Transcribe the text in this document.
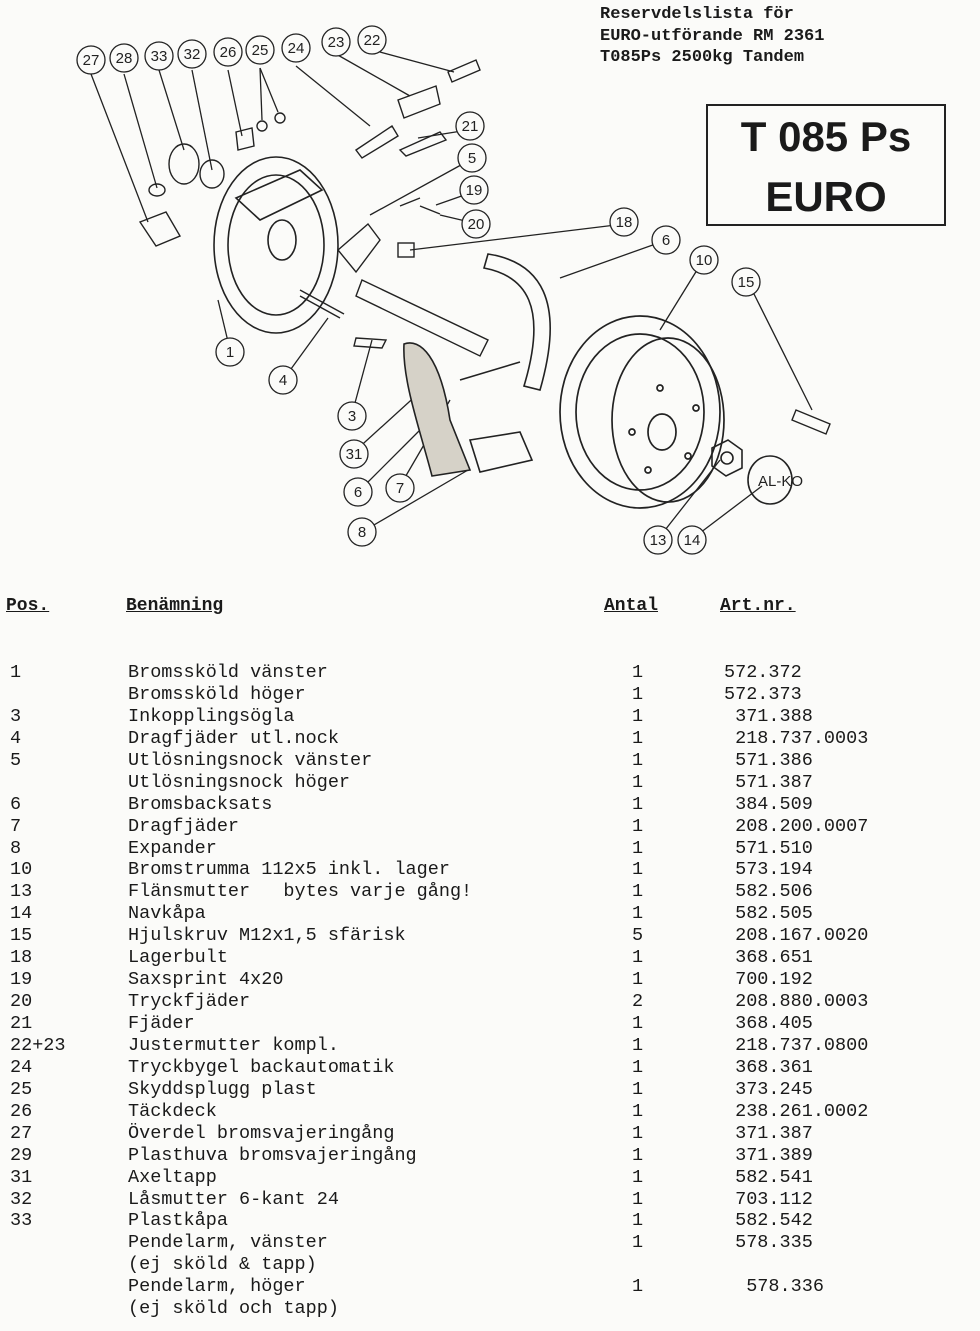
Reservdelslista för
EURO-utförande RM 2361
T085Ps 2500kg Tandem
T 085 Ps
EURO
AL-KO
27 28 33 32 26 25 24 23 22
21
5
19
20	18
6
10
15
1
4
3
31
6 7
8	13 14
Pos.	Benämning	Antal	Art.nr.
1	Bromssköld vänster	1	572.372
Bromssköld höger	1	572.373
3	Inkopplingsögla	1	371.388
4	Dragfjäder utl.nock	1	218.737.0003
5	Utlösningsnock vänster	1	571.386
Utlösningsnock höger	1	571.387
6	Bromsbacksats	1	384.509
7	Dragfjäder	1	208.200.0007
8	Expander	1	571.510
10	Bromstrumma 112x5 inkl. lager	1	573.194
13	Flänsmutter   bytes varje gång!	1	582.506
14	Navkåpa	1	582.505
15	Hjulskruv M12x1,5 sfärisk	5	208.167.0020
18	Lagerbult	1	368.651
19	Saxsprint 4x20	1	700.192
20	Tryckfjäder	2	208.880.0003
21	Fjäder	1	368.405
22+23	Justermutter kompl.	1	218.737.0800
24	Tryckbygel backautomatik	1	368.361
25	Skyddsplugg plast	1	373.245
26	Täckdeck	1	238.261.0002
27	Överdel bromsvajeringång	1	371.387
29	Plasthuva bromsvajeringång	1	371.389
31	Axeltapp	1	582.541
32	Låsmutter 6-kant 24	1	703.112
33	Plastkåpa	1	582.542
Pendelarm, vänster	1	578.335
(ej sköld & tapp)
Pendelarm, höger	1	578.336
(ej sköld och tapp)
